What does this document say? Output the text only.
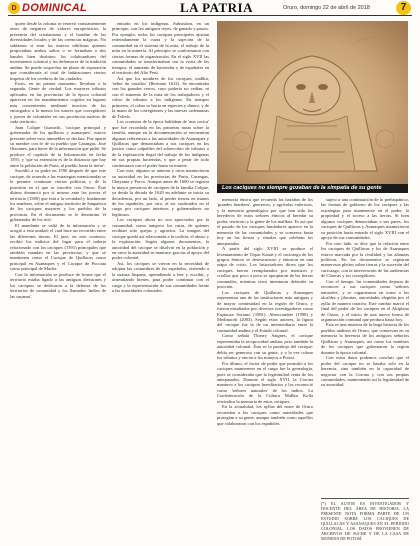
D DOMINICAL	LA PATRIA	Oruro, domingo 22 de abril de 2018	7

quien desde la colonia se reservó constantemente otros de negativo de valores europeísticos; la presencia del cristianismo y el hombre de las diversidades locales y de las creencias mágicas. No sabíamos si eran los nuevos nihilistas quienes propiciaban ambos saltos o se formaban a dos bandos bien distintos: los colaboradores del movimiento colonial y los defensores de la tradición andina. Se puede sospechar un plano de separación que consideraría al total de habitaciones ciertos impetus de los cerebros de las ciudades.

Estos, en un primer momento, llevaban a la segunda, Gente de ciudad. Los mayores tributos aplicados en las provincias de la época colonial aparecen en los mandamientos cogidos en lugares mas convenientes mediante tecnicos de los encargados a lo menos los tutores que corregidores y jueces de coloniales en sus provincias nativas de cada territorio.

Juan Colque Guarachi, 'cacique principal y gobernador de los quillacas y asanaques', estuvo presente sobre esos inmuebles se declara. Fue aparte su nombre con fe de su pueblo que Carangas, José Otacanes, para hacer de la información que pidió. Se produce el capítulo de la Información en fecha 1591; y 'que su extensión es de la distancia que hay entre la población de Paria, al pueblo hasta la tierra'.

Sucedió a su padre en 1590 después de que este cacique, de acuerdo a las estrategias mencionadas se le permite continuar ciertas políticas y de la posesión en el que se inscribe con Oruro. Éste último denunció por sí mismo ante los jueces el territorio (1580) que está a la vecindad y finalmente los nombres, sobre el antiguo territorio de Sanpaloca de los caciques mayores y los pueblos de la provincia. En el documento se le denomina 'el gobernador de los ríos'.

El mandante se valió de la información y se acogió a esta unidad; el cual hace un recorrido entre las diferentes tierras. El juez, en este contexto, recibió los indicios del lugar para el trabajo relacionado con los caciques (1591) principales que también mandan en las provincias, y que se mantienen como el Cacique de Quillacas como principal en Asanaques y el Cacique de Pocoata como principal de Macha.

Con la información se produce de forma que el territorio estaba ligado a las antiguas divisiones y los caciques se dedicaron a la defensa de los territorios de comunidad y los llamados 'indios de las sayanas'.

entrado en los indígenas. Subsistían, en un principio, con los antiguos reyes, de ganado y pastos. Por ejemplo, todos los caciques principales ajustan reiteradamente la cuota y la sujeción de la comunidad en el sistema de la mita, el trabajo de la mita en la minería. Al principio se conformaron con ciertas formas de organización. En el siglo XVII las comunidades se transformaban con la visita de los tiempos, el aumento de haciendas y de españoles en el territorio del Alto Perú.

Así que los nombres de los caciques, mallku, 'señor de vasallos' (Bertonio 1612). Se encontraba con los grandes cerros, cuyo poderío no cedían, ni con el aumento de la mita de los trabajadores y el cobro de tributos a los indígenas. En tiempos primeros, el cobro se hacía en especies y dinero, y de la mano de los corregidores y las nuevas ordenanzas de Toledo.

Los cronistas de la época hablaban de 'una cacica' que fue recordada en las primeras notas sobre la familia, aunque en la documentación se encuentran algunas referencias a las autoridades de Asanaques y Quillacas que denunciaban a sus caciques en los juicios como culpables del sobrecobro de tributos o de la explotación ilegal del trabajo de los indígenas en sus propias haciendas, y que a pesar de todo continuaron con el poder hasta su muerte.

Con esto, algunos se unieron y otros mantuvieron su autoridad en las provincias de Paria, Carangas, Chayanta y Porco. Aunque antes de 1600 se registra la mayor presencia de caciques de la familia Colque, ya desde la década de 1620 en adelante se inicia su decadencia, por un lado, al perder tierras en manos de los españoles, por otro, al ser sustituidos en el cargo por caciques interinos y gobernadores no legítimos.

Los caciques ahora no son apreciados por la comunidad, como tampoco los curas, de quienes recibían solo quejas y agravios. La imagen del cacique quedó así relacionada a la codicia, el abuso y la explotación. Según algunos documentos, la autoridad del cacique se disolvió en la población y en otros la autoridad se mantuvo gracias al apoyo del poder colonial.

Así, los caciques se vieron en la necesidad de adoptar las costumbres de los españoles, vistiendo a la usanza hispana, aprendiendo a leer y escribir, y acumulando bienes, para poder continuar con el cargo y la representación de sus comunidades frente a las autoridades coloniales.

Los caciques no siempre gozaban de la simpatía de su gente

memoria étnica que recuerda las hazañas de los 'grandes hombres', guerreros, y agrícolas valerosos, y la memoria genealógica por que han sido los herederos de estos señores étnicos al heredar su poder, territorio y la gente de los mallkus. Es así que el pasado de los caciques fundadores aparece en la memoria de las comunidades y se conserva hasta hoy en las fiestas y rituales que celebran los antepasados.

A partir del siglo XVIII se produce el levantamiento de Túpac Katari y el cacicazgo de los grupos étnicos se desestructuró y entraron en una etapa de crisis. Los historiadores dicen que los caciques fueron reemplazados por mestizos y criollos que poco a poco se apropiaron de las tierras comunales, mientras otros intentaron defender su posición.

Los caciques de Quillacas y Asanaques representan una de las instituciones más antiguas y de mayor continuidad en la región de Oruro, y fueron estudiados por diversos investigadores como Espinoza Soriano (1981), Abercrombie (1998) y Medinaceli (2003). Según estos autores, la figura del cacique fue la de un intermediario entre la comunidad andina y el Estado colonial.

Como señala Thierry Saignes, el cacique representaba la reciprocidad andina, pero también la autoridad colonial. Ésta es la paradoja del cacique: debía ser generoso con su gente, y a la vez cobrar los tributos y enviar a los mitayos a Potosí.

Por último, el factor de poder que permitió a los caciques mantenerse en el cargo fue la genealogía, pues se consideraba que la legitimidad venía de los antepasados. Durante el siglo XVII, la Corona mantuvo a los caciques hereditarios y los reconoció como 'señores naturales' de los indios. La Confederación de la Cultura Mallku Kolla reivindica la memoria de estos caciques.

En la actualidad, los ayllus del norte de Oruro recuerdan a los caciques como autoridades que protegían a su gente, aunque también como aquellos que colaboraron con los españoles.

sujeto a una continuación de lo prehispánico, las formas de gobierno de los caciques y las estrategias para mantenerse en el poder, la propiedad y el acceso a las tierras. Si bien algunos caciques denunciaban a sus pares, los caciques de Quillacas y Asanaques mantuvieron su posición hasta entrado el siglo XVIII con el apoyo de sus comunidades.

Por otro lado, se dice que la relación entre los caciques de Quillacas y los de Asanaques estuvo marcada por la rivalidad y las alianzas políticas. En los documentos se registran numerosos pleitos sobre tierras y la sucesión del cacicazgo, con la intervención de las audiencias de Charcas y los corregidores.

Con el tiempo, las comunidades dejaron de reconocer a sus caciques como 'señores naturales', y se organizaron en torno a los alcaldes y jilacatas, autoridades elegidas por el ayllu de manera rotativa. Este cambio marcó el final del poder de los caciques en el Altiplano de Oruro, y el inicio de una nueva forma de organización comunal que perdura hasta hoy.

Esta es una muestra de la larga historia de los pueblos andinos de Oruro, que conservan en su memoria la herencia de los antiguos señoríos Quillacas y Asanaques, así como los nombres de los caciques que gobernaron la región durante la época colonial.

Con estos datos podemos concluir que el poder del cacique no se basaba solo en la herencia, sino también en la capacidad de negociar con la Corona y con sus propias comunidades, manteniendo así la legitimidad de su autoridad.

(*) EL AUTOR ES INVESTIGADOR Y DOCENTE DEL ÁREA DE HISTORIA. LA PRESENTE NOTA FORMA PARTE DE UN ESTUDIO SOBRE LOS CACIQUES DE QUILLACAS Y ASANAQUES EN EL PERIODO COLONIAL. LOS DATOS PROVIENEN DE ARCHIVOS DE SUCRE Y DE LA CASA DE MONEDA DE POTOSÍ.
